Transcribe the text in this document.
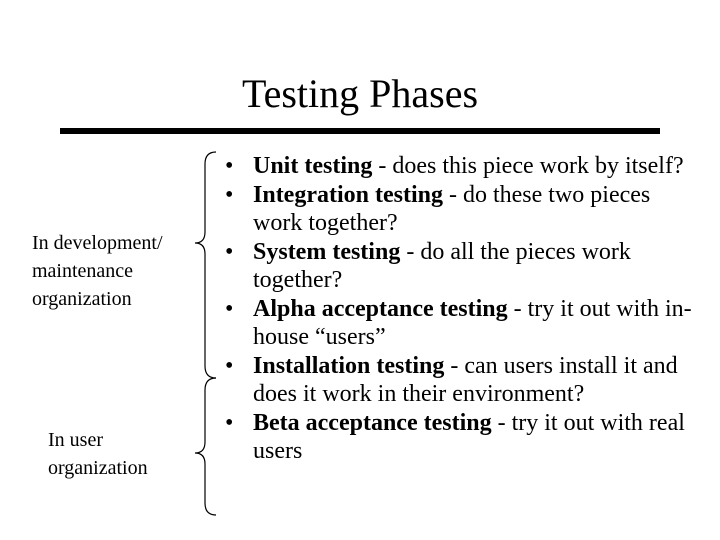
Testing Phases
In development/
maintenance
organization
In user
organization
• Unit testing - does this piece work by itself?
• Integration testing - do these two pieces work together?
• System testing - do all the pieces work together?
• Alpha acceptance testing - try it out with in-house “users”
• Installation testing - can users install it and does it work in their environment?
• Beta acceptance testing - try it out with real users
